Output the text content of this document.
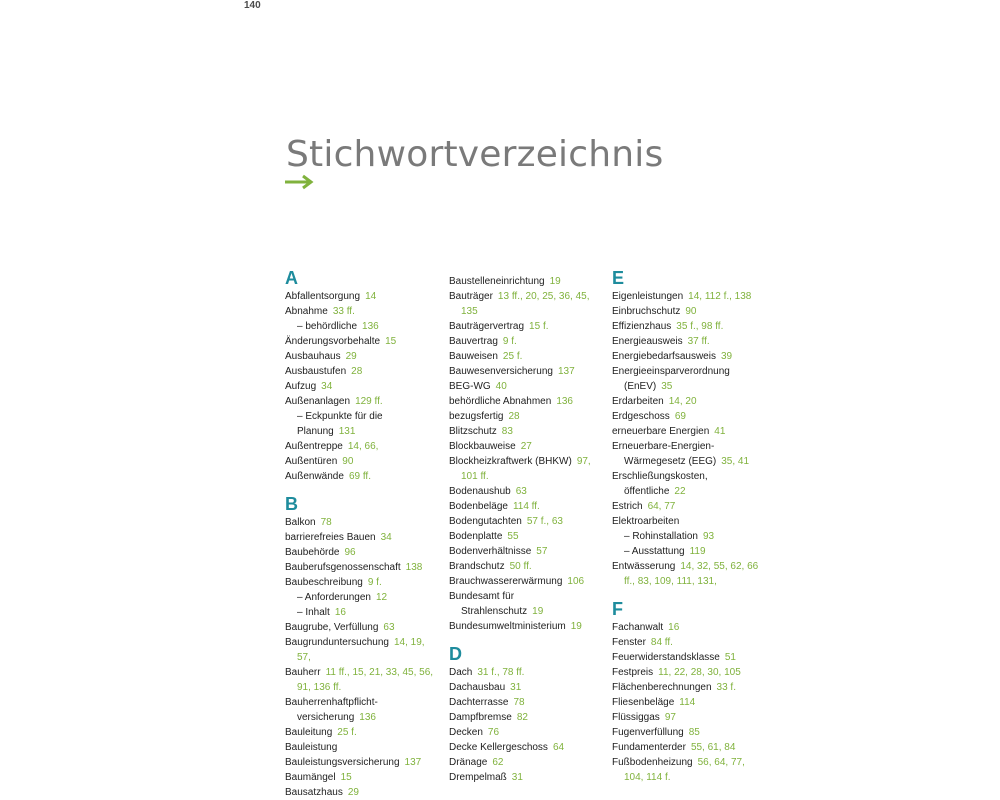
140
Stichwortverzeichnis
A
Abfallentsorgung 14
Abnahme 33 ff.
– behördliche 136
Änderungsvorbehalte 15
Ausbauhaus 29
Ausbaustufen 28
Aufzug 34
Außenanlagen 129 ff.
– Eckpunkte für die
Planung 131
Außentreppe 14, 66,
Außentüren 90
Außenwände 69 ff.
B
Balkon 78
barrierefreies Bauen 34
Baubehörde 96
Bauberufsgenossenschaft 138
Baubeschreibung 9 f.
– Anforderungen 12
– Inhalt 16
Baugrube, Verfüllung 63
Baugrunduntersuchung 14, 19,
57,
Bauherr 11 ff., 15, 21, 33, 45, 56,
91, 136 ff.
Bauherrenhaftpflicht-
versicherung 136
Bauleitung 25 f.
Bauleistung
Bauleistungsversicherung 137
Baumängel 15
Bausatzhaus 29
Baustelleneinrichtung 19
Bauträger 13 ff., 20, 25, 36, 45,
135
Bauträgervertrag 15 f.
Bauvertrag 9 f.
Bauweisen 25 f.
Bauwesenversicherung 137
BEG-WG 40
behördliche Abnahmen 136
bezugsfertig 28
Blitzschutz 83
Blockbauweise 27
Blockheizkraftwerk (BHKW) 97,
101 ff.
Bodenaushub 63
Bodenbeläge 114 ff.
Bodengutachten 57 f., 63
Bodenplatte 55
Bodenverhältnisse 57
Brandschutz 50 ff.
Brauchwassererwärmung 106
Bundesamt für
Strahlenschutz 19
Bundesumweltministerium 19
D
Dach 31 f., 78 ff.
Dachausbau 31
Dachterrasse 78
Dampfbremse 82
Decken 76
Decke Kellergeschoss 64
Dränage 62
Drempelmaß 31
E
Eigenleistungen 14, 112 f., 138
Einbruchschutz 90
Effizienzhaus 35 f., 98 ff.
Energieausweis 37 ff.
Energiebedarfsausweis 39
Energieeinsparverordnung
(EnEV) 35
Erdarbeiten 14, 20
Erdgeschoss 69
erneuerbare Energien 41
Erneuerbare-Energien-
Wärmegesetz (EEG) 35, 41
Erschließungskosten,
öffentliche 22
Estrich 64, 77
Elektroarbeiten
– Rohinstallation 93
– Ausstattung 119
Entwässerung 14, 32, 55, 62, 66
ff., 83, 109, 111, 131,
F
Fachanwalt 16
Fenster 84 ff.
Feuerwiderstandsklasse 51
Festpreis 11, 22, 28, 30, 105
Flächenberechnungen 33 f.
Fliesenbeläge 114
Flüssiggas 97
Fugenverfüllung 85
Fundamenterder 55, 61, 84
Fußbodenheizung 56, 64, 77,
104, 114 f.
